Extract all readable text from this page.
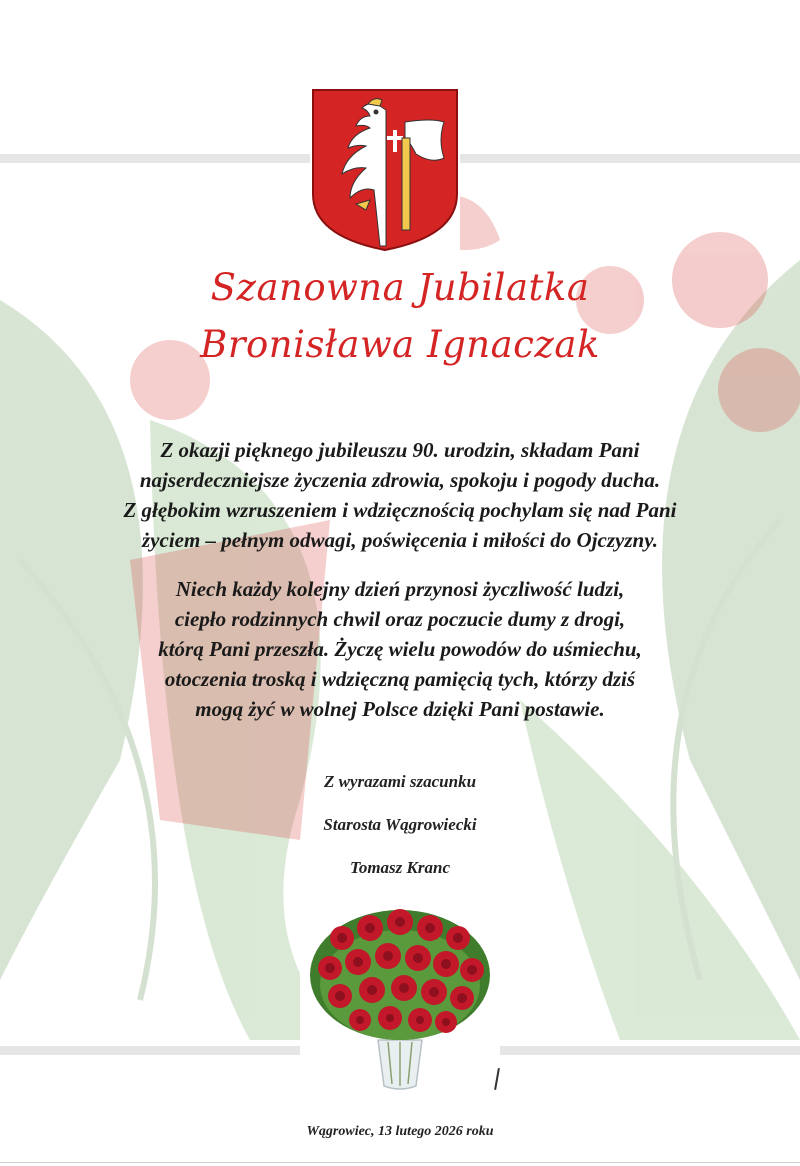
Szanowna Jubilatka
Bronisława Ignaczak
Z okazji pięknego jubileuszu 90. urodzin, składam Pani
najserdeczniejsze życzenia zdrowia, spokoju i pogody ducha.
Z głębokim wzruszeniem i wdzięcznością pochylam się nad Pani
życiem – pełnym odwagi, poświęcenia i miłości do Ojczyzny.
Niech każdy kolejny dzień przynosi życzliwość ludzi,
ciepło rodzinnych chwil oraz poczucie dumy z drogi,
którą Pani przeszła. Życzę wielu powodów do uśmiechu,
otoczenia troską i wdzięczną pamięcią tych, którzy dziś
mogą żyć w wolnej Polsce dzięki Pani postawie.
Z wyrazami szacunku
Starosta Wągrowiecki
Tomasz Kranc
Wągrowiec, 13 lutego 2026 roku
